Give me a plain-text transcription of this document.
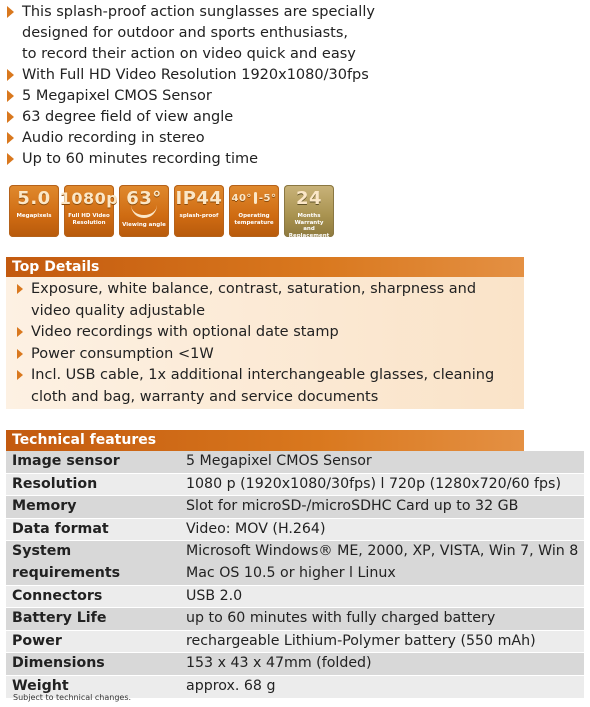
This splash-proof action sunglasses are specially
designed for outdoor and sports enthusiasts,
to record their action on video quick and easy
With Full HD Video Resolution 1920x1080/30fps
5 Megapixel CMOS Sensor
63 degree field of view angle
Audio recording in stereo
Up to 60 minutes recording time
5.0
Megapixels
1080p
Full HD Video
Resolution
63°
Viewing angle
IP44
splash-proof
40° -5°
Operating
temperature
24
Months Warranty
and Replacement
Top Details
Exposure, white balance, contrast, saturation, sharpness and video quality adjustable
Video recordings with optional date stamp
Power consumption <1W
Incl. USB cable, 1x additional interchangeable glasses, cleaning cloth and bag, warranty and service documents
Technical features
Image sensor	5 Megapixel CMOS Sensor
Resolution	1080 p (1920x1080/30fps) l 720p (1280x720/60 fps)
Memory	Slot for microSD-/microSDHC Card up to 32 GB
Data format	Video: MOV (H.264)
System requirements	Microsoft Windows® ME, 2000, XP, VISTA, Win 7, Win 8
Mac OS 10.5 or higher l Linux
Connectors	USB 2.0
Battery Life	up to 60 minutes with fully charged battery
Power	rechargeable Lithium-Polymer battery (550 mAh)
Dimensions	153 x 43 x 47mm (folded)
Weight	approx. 68 g
Subject to technical changes.
